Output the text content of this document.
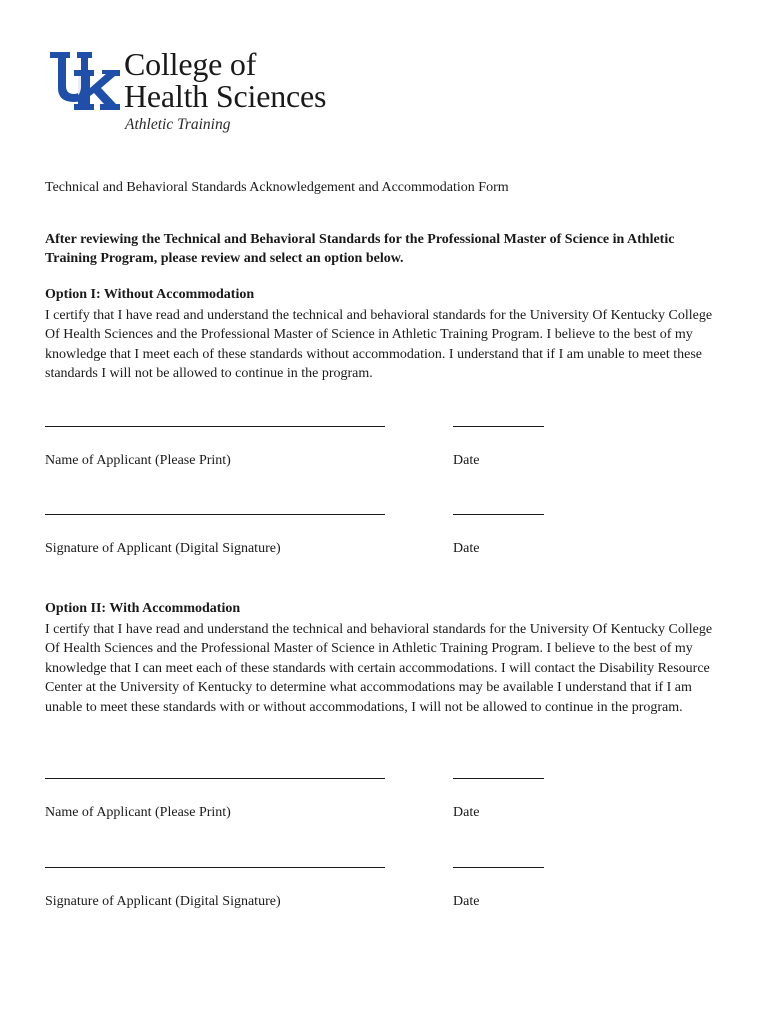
College of
Health Sciences
Athletic Training
Technical and Behavioral Standards Acknowledgement and Accommodation Form
After reviewing the Technical and Behavioral Standards for the Professional Master of Science in Athletic Training Program, please review and select an option below.
Option I: Without Accommodation
I certify that I have read and understand the technical and behavioral standards for the University Of Kentucky College Of Health Sciences and the Professional Master of Science in Athletic Training Program. I believe to the best of my knowledge that I meet each of these standards without accommodation. I understand that if I am unable to meet these standards I will not be allowed to continue in the program.
Name of Applicant (Please Print)	Date
Signature of Applicant (Digital Signature)	Date
Option II: With Accommodation
I certify that I have read and understand the technical and behavioral standards for the University Of Kentucky College Of Health Sciences and the Professional Master of Science in Athletic Training Program. I believe to the best of my knowledge that I can meet each of these standards with certain accommodations. I will contact the Disability Resource Center at the University of Kentucky to determine what accommodations may be available I understand that if I am unable to meet these standards with or without accommodations, I will not be allowed to continue in the program.
Name of Applicant (Please Print)	Date
Signature of Applicant (Digital Signature)	Date
